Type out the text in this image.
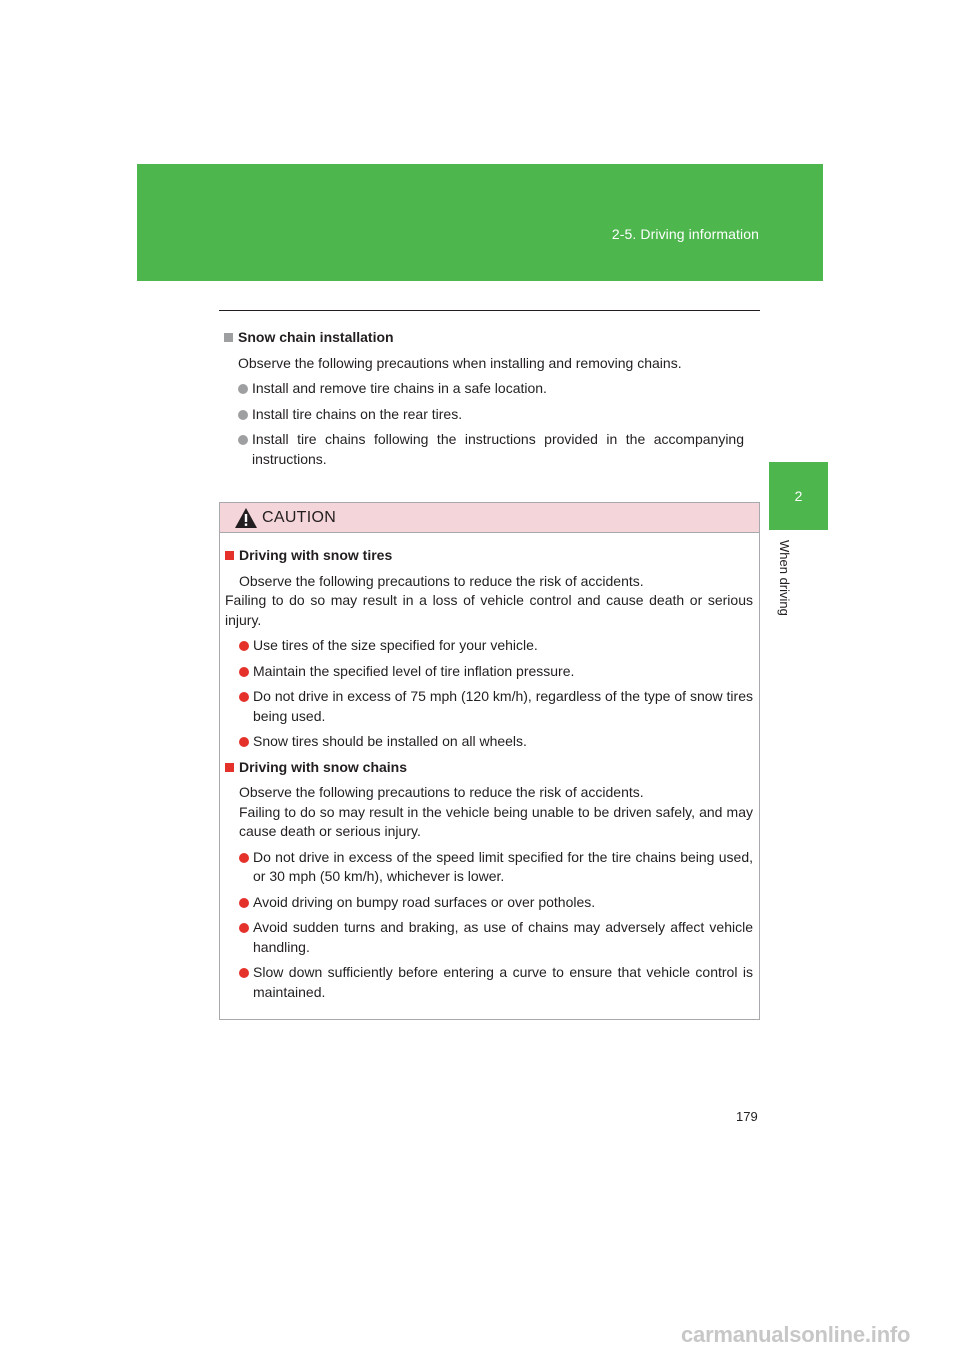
2-5. Driving information
2
When driving
Snow chain installation
Observe the following precautions when installing and removing chains.
Install and remove tire chains in a safe location.
Install tire chains on the rear tires.
Install tire chains following the instructions provided in the accompanying instructions.
CAUTION
Driving with snow tires
Observe the following precautions to reduce the risk of accidents.
Failing to do so may result in a loss of vehicle control and cause death or serious injury.
Use tires of the size specified for your vehicle.
Maintain the specified level of tire inflation pressure.
Do not drive in excess of 75 mph (120 km/h), regardless of the type of snow tires being used.
Snow tires should be installed on all wheels.
Driving with snow chains
Observe the following precautions to reduce the risk of accidents.
Failing to do so may result in the vehicle being unable to be driven safely, and may cause death or serious injury.
Do not drive in excess of the speed limit specified for the tire chains being used, or 30 mph (50 km/h), whichever is lower.
Avoid driving on bumpy road surfaces or over potholes.
Avoid sudden turns and braking, as use of chains may adversely affect vehicle handling.
Slow down sufficiently before entering a curve to ensure that vehicle control is maintained.
179
carmanualsonline.info
